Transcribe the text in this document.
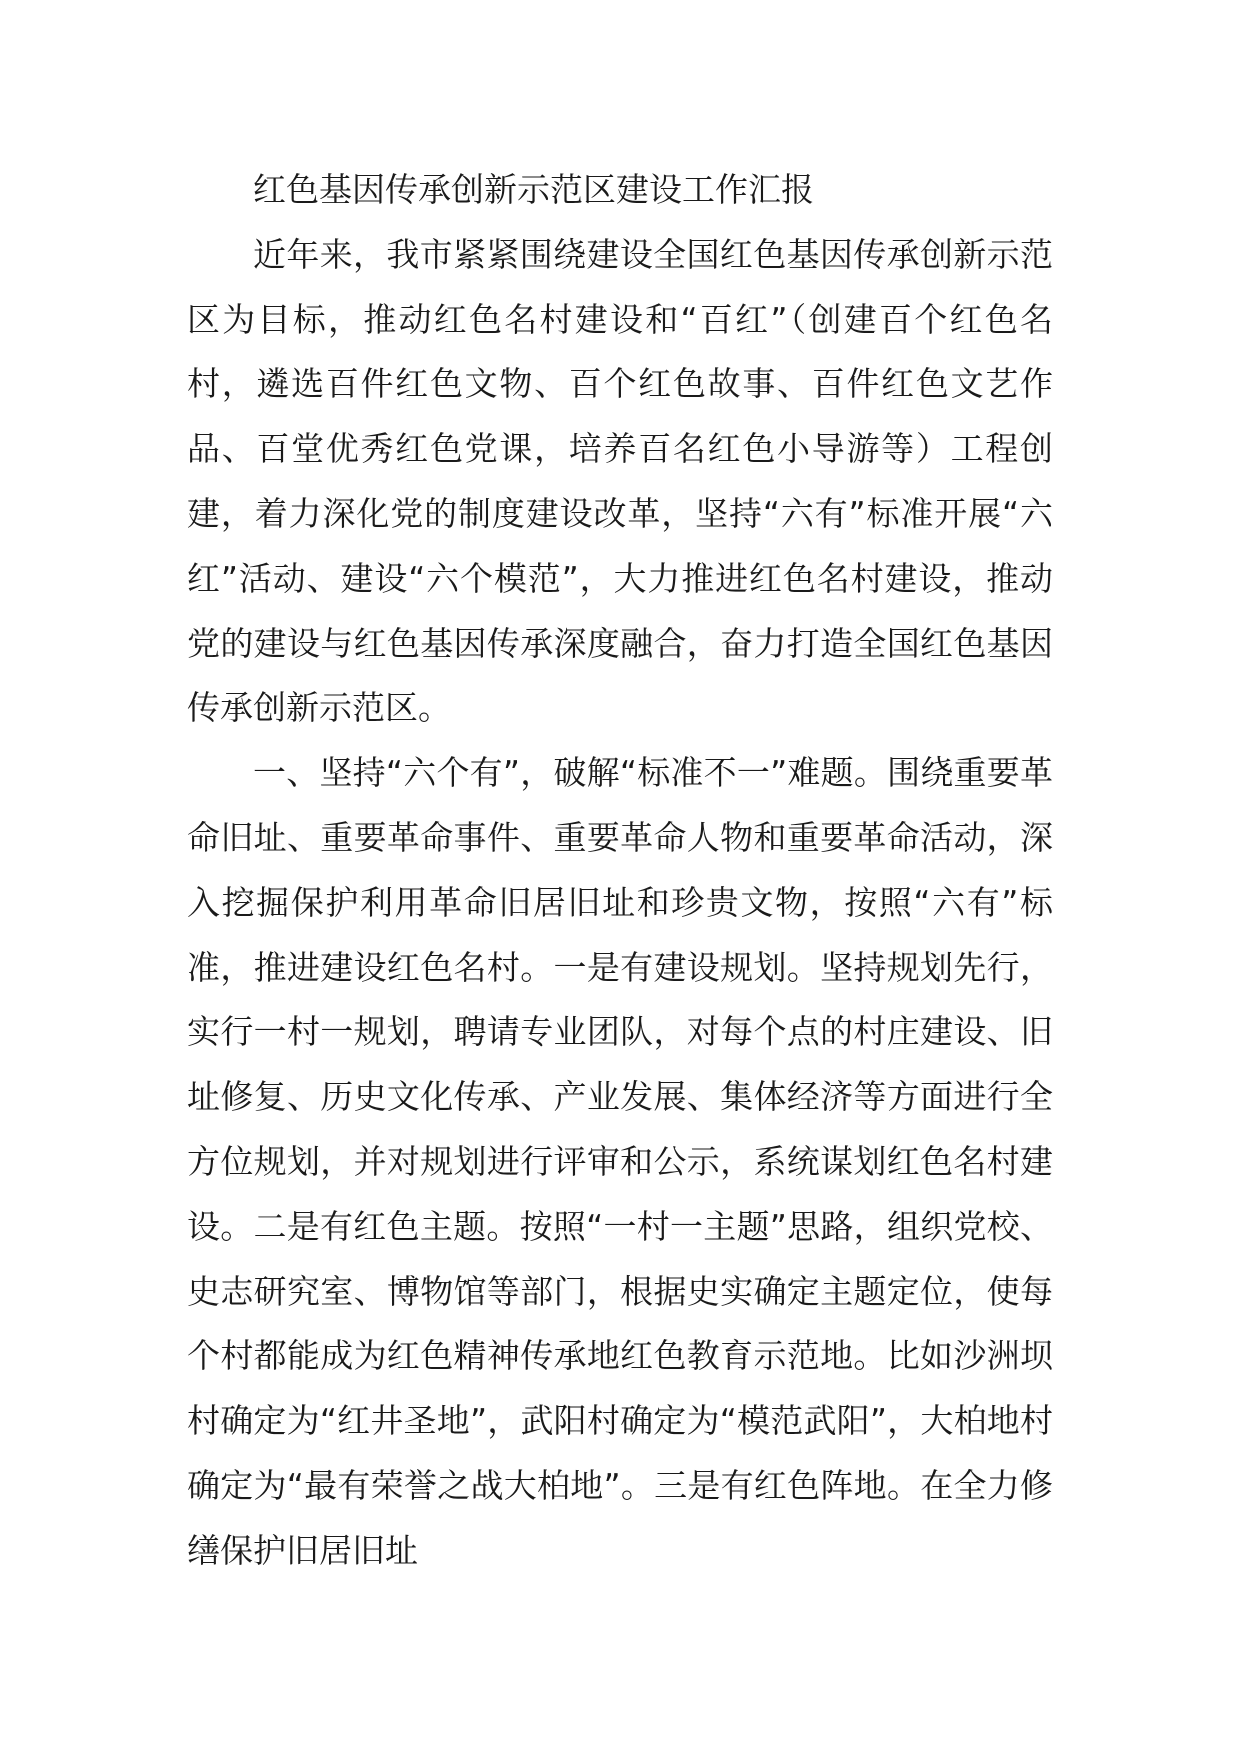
红色基因传承创新示范区建设工作汇报

近年来，我市紧紧围绕建设全国红色基因传承创新示范区为目标，推动红色名村建设和“百红”（创建百个红色名村，遴选百件红色文物、百个红色故事、百件红色文艺作品、百堂优秀红色党课，培养百名红色小导游等）工程创建，着力深化党的制度建设改革，坚持“六有”标准开展“六红”活动、建设“六个模范”，大力推进红色名村建设，推动党的建设与红色基因传承深度融合，奋力打造全国红色基因传承创新示范区。

一、坚持“六个有”，破解“标准不一”难题。围绕重要革命旧址、重要革命事件、重要革命人物和重要革命活动，深入挖掘保护利用革命旧居旧址和珍贵文物，按照“六有”标准，推进建设红色名村。一是有建设规划。坚持规划先行，实行一村一规划，聘请专业团队，对每个点的村庄建设、旧址修复、历史文化传承、产业发展、集体经济等方面进行全方位规划，并对规划进行评审和公示，系统谋划红色名村建设。二是有红色主题。按照“一村一主题”思路，组织党校、史志研究室、博物馆等部门，根据史实确定主题定位，使每个村都能成为红色精神传承地红色教育示范地。比如沙洲坝村确定为“红井圣地”，武阳村确定为“模范武阳”，大柏地村确定为“最有荣誉之战大柏地”。三是有红色阵地。在全力修缮保护旧居旧址
